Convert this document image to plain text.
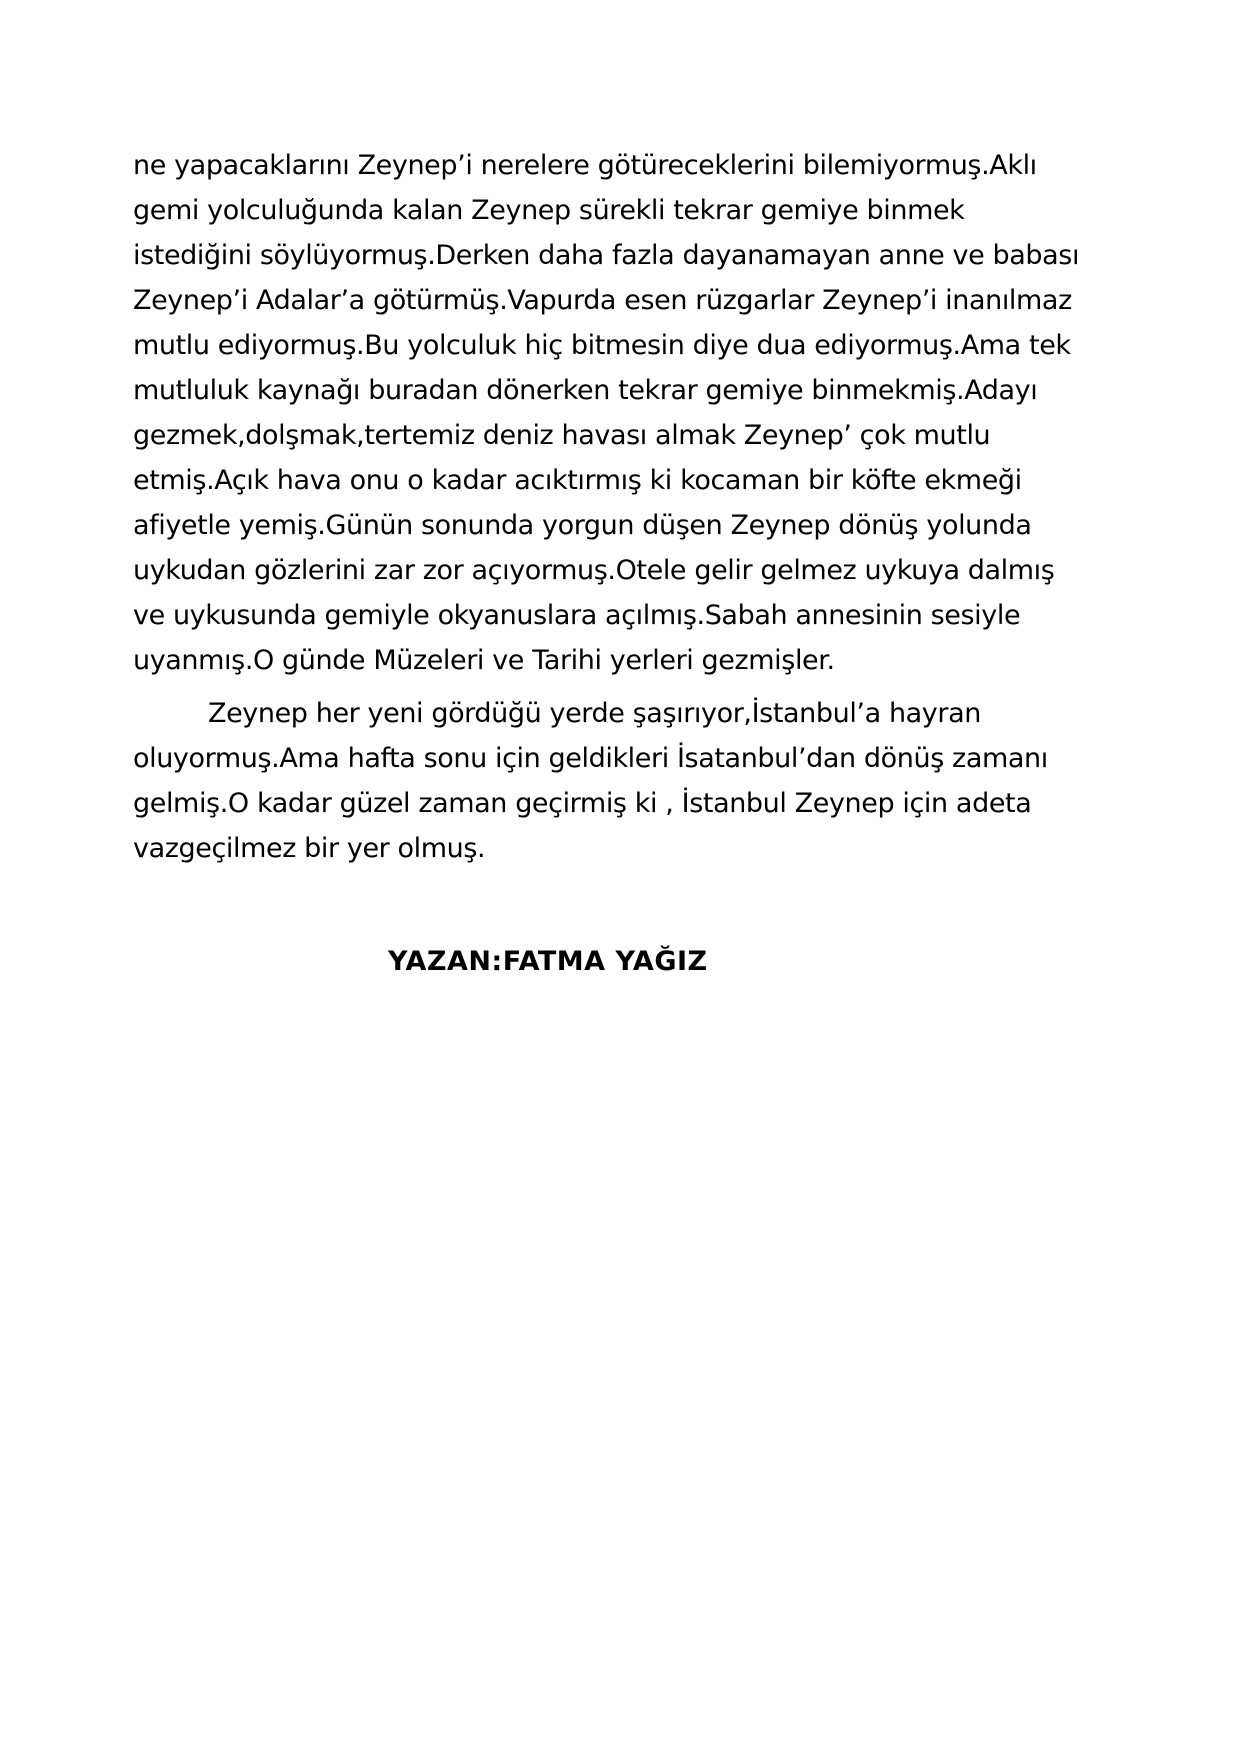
ne yapacaklarını Zeynep’i nerelere götüreceklerini bilemiyormuş.Aklı
gemi yolculuğunda kalan Zeynep sürekli tekrar gemiye binmek
istediğini söylüyormuş.Derken daha fazla dayanamayan anne ve babası
Zeynep’i Adalar’a götürmüş.Vapurda esen rüzgarlar Zeynep’i inanılmaz
mutlu ediyormuş.Bu yolculuk hiç bitmesin diye dua ediyormuş.Ama tek
mutluluk kaynağı buradan dönerken tekrar gemiye binmekmiş.Adayı
gezmek,dolşmak,tertemiz deniz havası almak Zeynep’ çok mutlu
etmiş.Açık hava onu o kadar acıktırmış ki kocaman bir köfte ekmeği
afiyetle yemiş.Günün sonunda yorgun düşen Zeynep dönüş yolunda
uykudan gözlerini zar zor açıyormuş.Otele gelir gelmez uykuya dalmış
ve uykusunda gemiyle okyanuslara açılmış.Sabah annesinin sesiyle
uyanmış.O günde Müzeleri ve Tarihi yerleri gezmişler.
Zeynep her yeni gördüğü yerde şaşırıyor,İstanbul’a hayran
oluyormuş.Ama hafta sonu için geldikleri İsatanbul’dan dönüş zamanı
gelmiş.O kadar güzel zaman geçirmiş ki , İstanbul Zeynep için adeta
vazgeçilmez bir yer olmuş.
YAZAN:FATMA YAĞIZ
